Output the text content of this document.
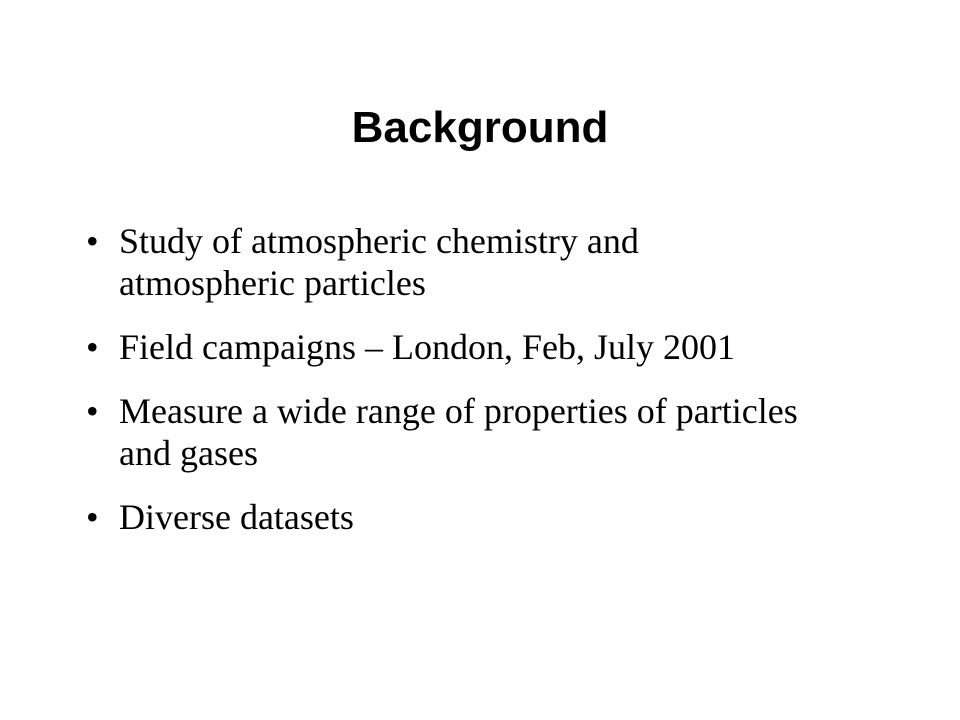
Background
• Study of atmospheric chemistry and atmospheric particles
• Field campaigns – London, Feb, July 2001
• Measure a wide range of properties of particles and gases
• Diverse datasets
